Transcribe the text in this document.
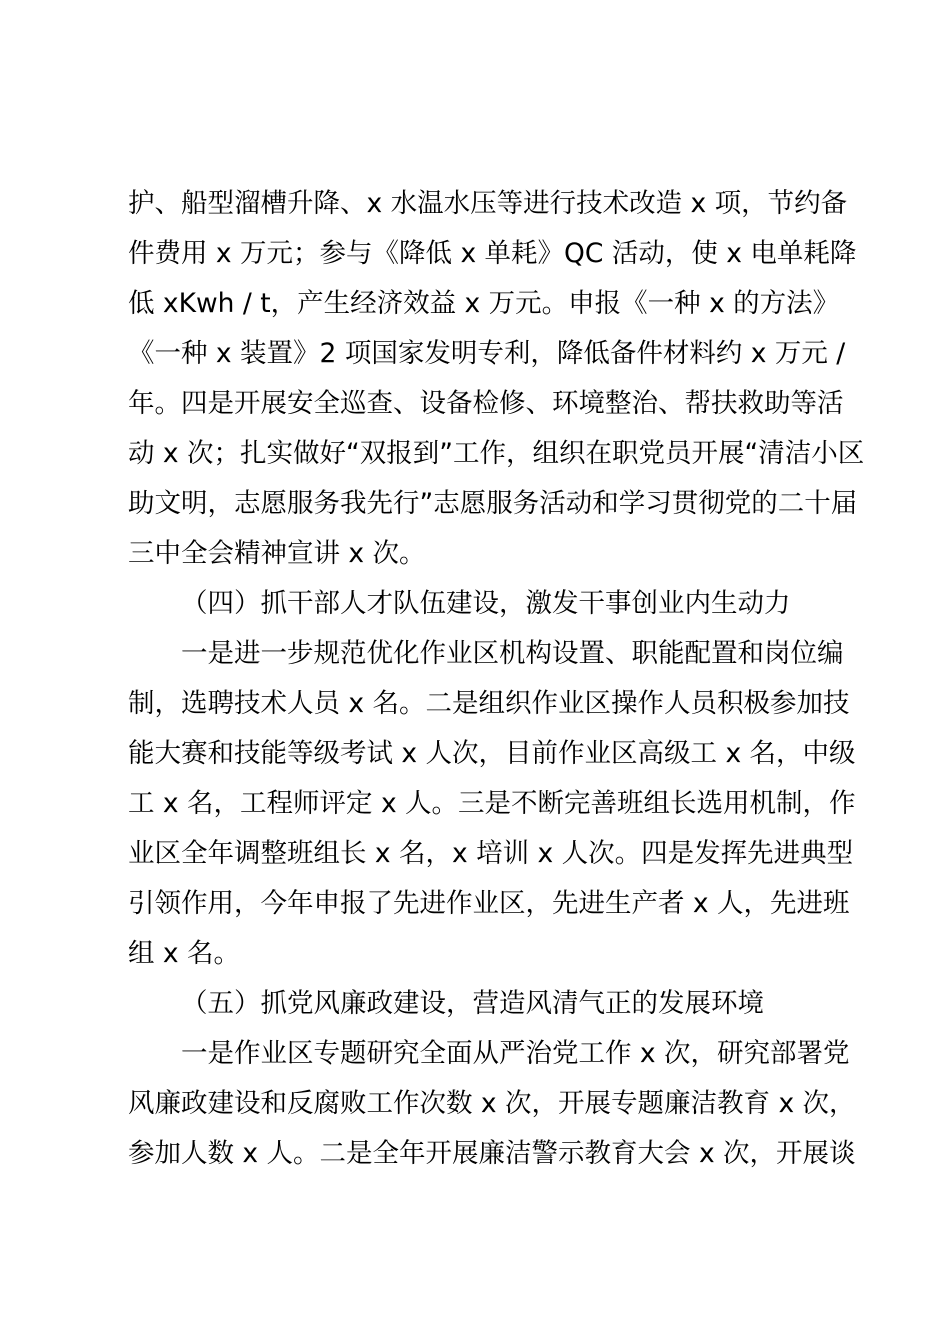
护、船型溜槽升降、x 水温水压等进行技术改造 x 项，节约备
件费用 x 万元；参与《降低 x 单耗》QC 活动，使 x 电单耗降
低 xKwh / t，产生经济效益 x 万元。申报《一种 x 的方法》
《一种 x 装置》2 项国家发明专利，降低备件材料约 x 万元 /
年。四是开展安全巡查、设备检修、环境整治、帮扶救助等活
动 x 次；扎实做好“双报到”工作，组织在职党员开展“清洁小区
助文明，志愿服务我先行”志愿服务活动和学习贯彻党的二十届
三中全会精神宣讲 x 次。
（四）抓干部人才队伍建设，激发干事创业内生动力
一是进一步规范优化作业区机构设置、职能配置和岗位编
制，选聘技术人员 x 名。二是组织作业区操作人员积极参加技
能大赛和技能等级考试 x 人次，目前作业区高级工 x 名，中级
工 x 名，工程师评定 x 人。三是不断完善班组长选用机制，作
业区全年调整班组长 x 名，x 培训 x 人次。四是发挥先进典型
引领作用，今年申报了先进作业区，先进生产者 x 人，先进班
组 x 名。
（五）抓党风廉政建设，营造风清气正的发展环境
一是作业区专题研究全面从严治党工作 x 次，研究部署党
风廉政建设和反腐败工作次数 x 次，开展专题廉洁教育 x 次，
参加人数 x 人。二是全年开展廉洁警示教育大会 x 次，开展谈
